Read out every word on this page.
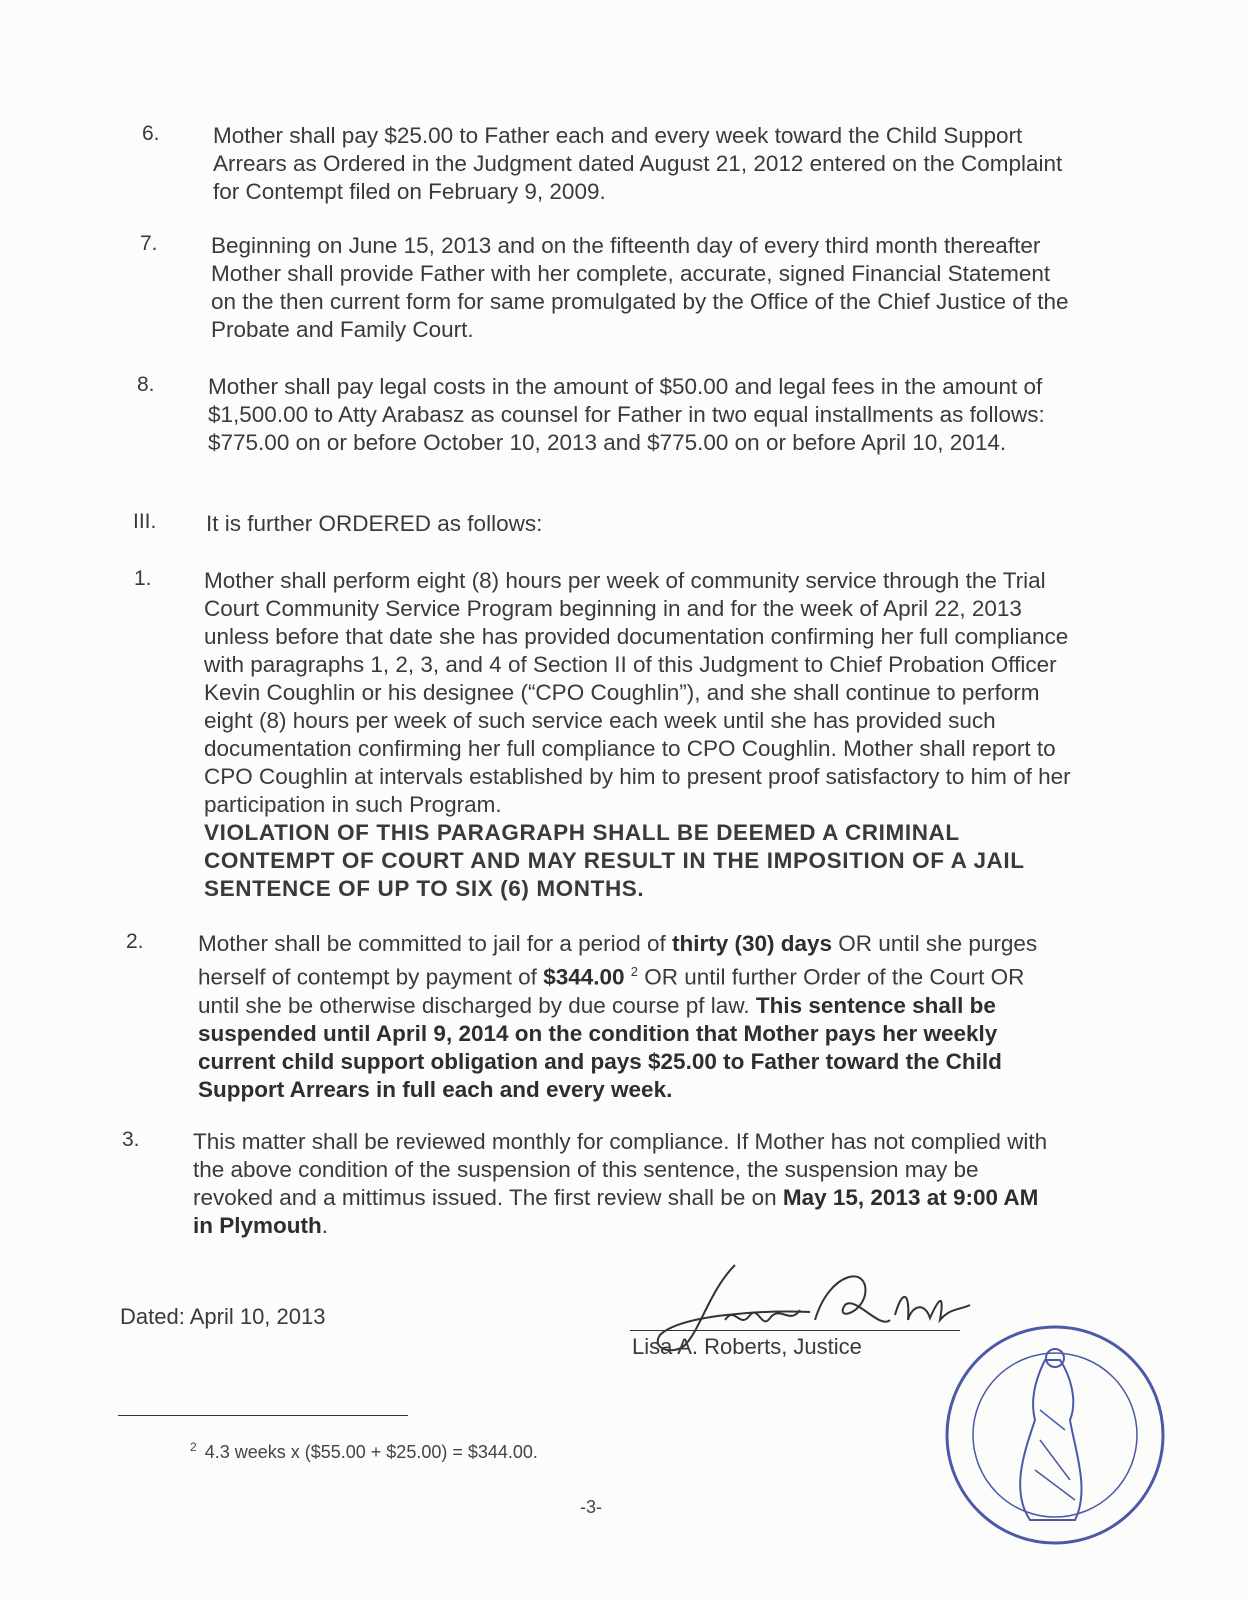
6. Mother shall pay $25.00 to Father each and every week toward the Child Support Arrears as Ordered in the Judgment dated August 21, 2012 entered on the Complaint for Contempt filed on February 9, 2009.
7. Beginning on June 15, 2013 and on the fifteenth day of every third month thereafter Mother shall provide Father with her complete, accurate, signed Financial Statement on the then current form for same promulgated by the Office of the Chief Justice of the Probate and Family Court.
8. Mother shall pay legal costs in the amount of $50.00 and legal fees in the amount of $1,500.00 to Atty Arabasz as counsel for Father in two equal installments as follows: $775.00 on or before October 10, 2013 and $775.00 on or before April 10, 2014.
III. It is further ORDERED as follows:
1. Mother shall perform eight (8) hours per week of community service through the Trial Court Community Service Program beginning in and for the week of April 22, 2013 unless before that date she has provided documentation confirming her full compliance with paragraphs 1, 2, 3, and 4 of Section II of this Judgment to Chief Probation Officer Kevin Coughlin or his designee (“CPO Coughlin”), and she shall continue to perform eight (8) hours per week of such service each week until she has provided such documentation confirming her full compliance to CPO Coughlin. Mother shall report to CPO Coughlin at intervals established by him to present proof satisfactory to him of her participation in such Program.

VIOLATION OF THIS PARAGRAPH SHALL BE DEEMED A CRIMINAL CONTEMPT OF COURT AND MAY RESULT IN THE IMPOSITION OF A JAIL SENTENCE OF UP TO SIX (6) MONTHS.

2. Mother shall be committed to jail for a period of thirty (30) days OR until she purges herself of contempt by payment of $344.00 $^2$ OR until further Order of the Court OR until she be otherwise discharged by due course pf law. This sentence shall be suspended until April 9, 2014 on the condition that Mother pays her weekly current child support obligation and pays $25.00 to Father toward the Child Support Arrears in full each and every week.
3. This matter shall be reviewed monthly for compliance. If Mother has not complied with the above condition of the suspension of this sentence, the suspension may be revoked and a mittimus issued. The first review shall be on May 15, 2013 at 9:00 AM in Plymouth.
Dated: April 10, 2013
Lisa A. Roberts, Justice
$^2$ 4.3 weeks x ($55.00 + $25.00) = $344.00.
-3-
